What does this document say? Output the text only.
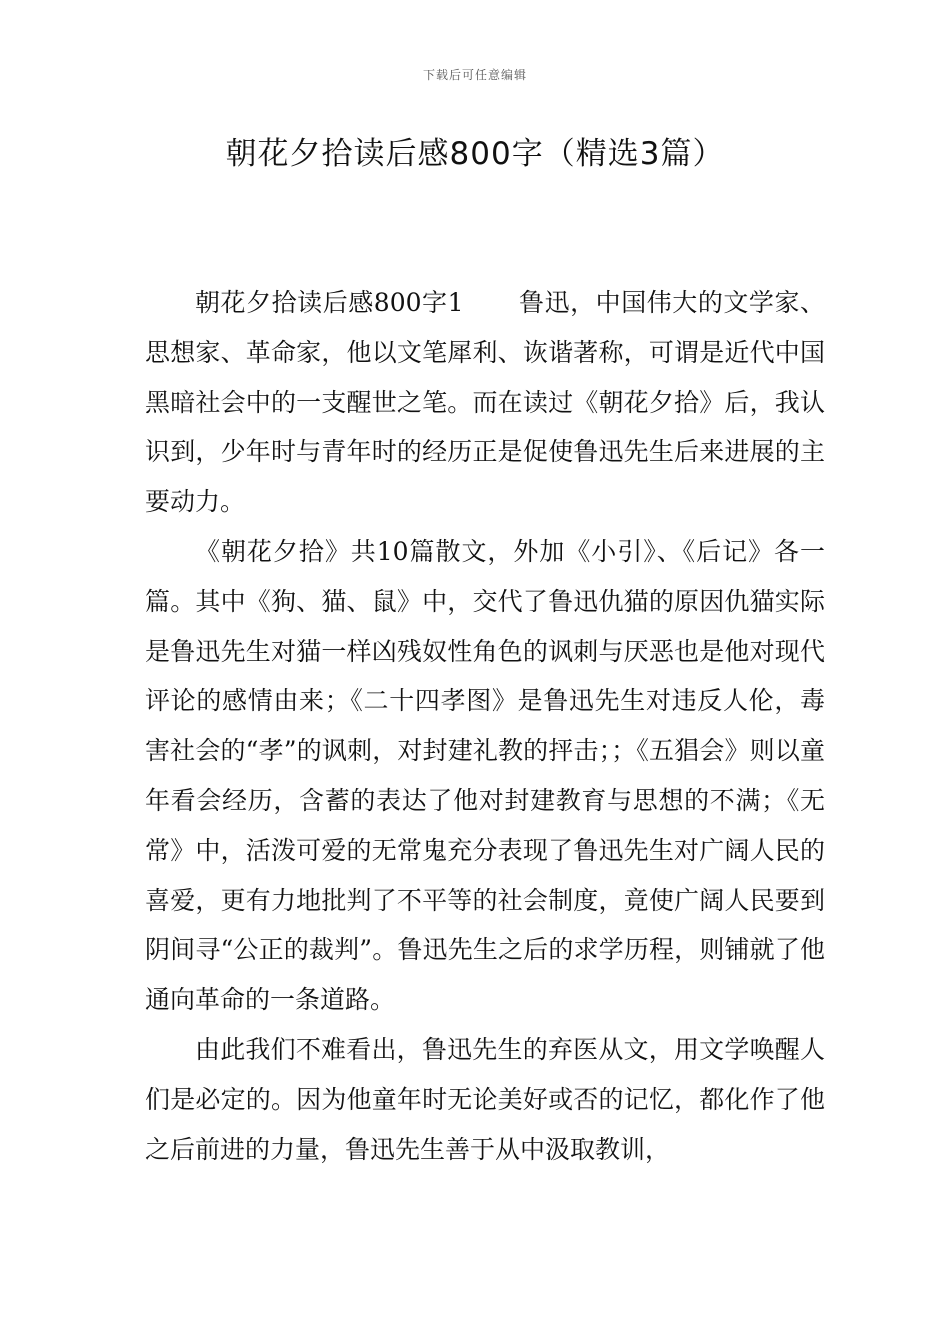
下载后可任意编辑
朝花夕拾读后感800字（精选3篇）

朝花夕拾读后感800字1 鲁迅，中国伟大的文学家、思想家、革命家，他以文笔犀利、诙谐著称，可谓是近代中国黑暗社会中的一支醒世之笔。而在读过《朝花夕拾》后，我认识到，少年时与青年时的经历正是促使鲁迅先生后来进展的主要动力。

《朝花夕拾》共10篇散文，外加《小引》、《后记》各一篇。其中《狗、猫、鼠》中，交代了鲁迅仇猫的原因仇猫实际是鲁迅先生对猫一样凶残奴性角色的讽刺与厌恶也是他对现代评论的感情由来；《二十四孝图》是鲁迅先生对违反人伦，毒害社会的“孝”的讽刺，对封建礼教的抨击；；《五猖会》则以童年看会经历，含蓄的表达了他对封建教育与思想的不满；《无常》中，活泼可爱的无常鬼充分表现了鲁迅先生对广阔人民的喜爱，更有力地批判了不平等的社会制度，竟使广阔人民要到阴间寻“公正的裁判”。鲁迅先生之后的求学历程，则铺就了他通向革命的一条道路。

由此我们不难看出，鲁迅先生的弃医从文，用文学唤醒人们是必定的。因为他童年时无论美好或否的记忆，都化作了他之后前进的力量，鲁迅先生善于从中汲取教训，
